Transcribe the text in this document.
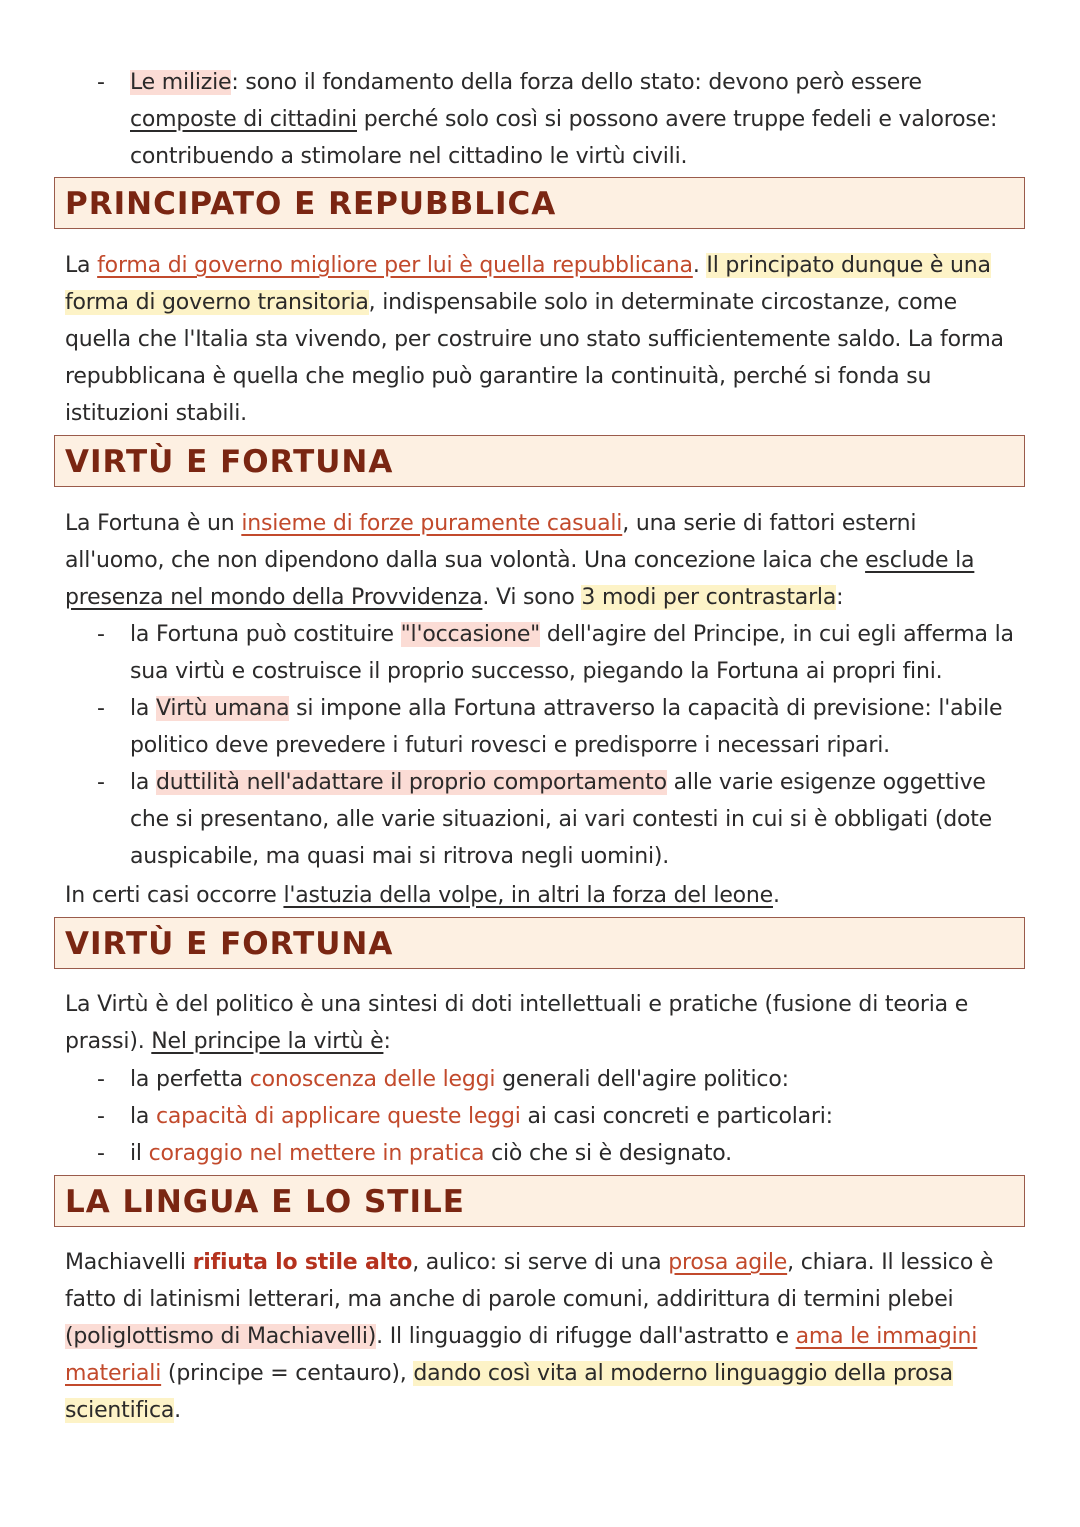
- Le milizie: sono il fondamento della forza dello stato: devono però essere composte di cittadini perché solo così si possono avere truppe fedeli e valorose: contribuendo a stimolare nel cittadino le virtù civili.
PRINCIPATO E REPUBBLICA
La forma di governo migliore per lui è quella repubblicana. Il principato dunque è una forma di governo transitoria, indispensabile solo in determinate circostanze, come quella che l'Italia sta vivendo, per costruire uno stato sufficientemente saldo. La forma repubblicana è quella che meglio può garantire la continuità, perché si fonda su istituzioni stabili.
VIRTÙ E FORTUNA
La Fortuna è un insieme di forze puramente casuali, una serie di fattori esterni all'uomo, che non dipendono dalla sua volontà. Una concezione laica che esclude la presenza nel mondo della Provvidenza. Vi sono 3 modi per contrastarla:
- la Fortuna può costituire "l'occasione" dell'agire del Principe, in cui egli afferma la sua virtù e costruisce il proprio successo, piegando la Fortuna ai propri fini.
- la Virtù umana si impone alla Fortuna attraverso la capacità di previsione: l'abile politico deve prevedere i futuri rovesci e predisporre i necessari ripari.
- la duttilità nell'adattare il proprio comportamento alle varie esigenze oggettive che si presentano, alle varie situazioni, ai vari contesti in cui si è obbligati (dote auspicabile, ma quasi mai si ritrova negli uomini).
In certi casi occorre l'astuzia della volpe, in altri la forza del leone.
VIRTÙ E FORTUNA
La Virtù è del politico è una sintesi di doti intellettuali e pratiche (fusione di teoria e prassi). Nel principe la virtù è:
- la perfetta conoscenza delle leggi generali dell'agire politico:
- la capacità di applicare queste leggi ai casi concreti e particolari:
- il coraggio nel mettere in pratica ciò che si è designato.
LA LINGUA E LO STILE
Machiavelli rifiuta lo stile alto, aulico: si serve di una prosa agile, chiara. Il lessico è fatto di latinismi letterari, ma anche di parole comuni, addirittura di termini plebei (poliglottismo di Machiavelli). Il linguaggio di rifugge dall'astratto e ama le immagini materiali (principe = centauro), dando così vita al moderno linguaggio della prosa scientifica.
